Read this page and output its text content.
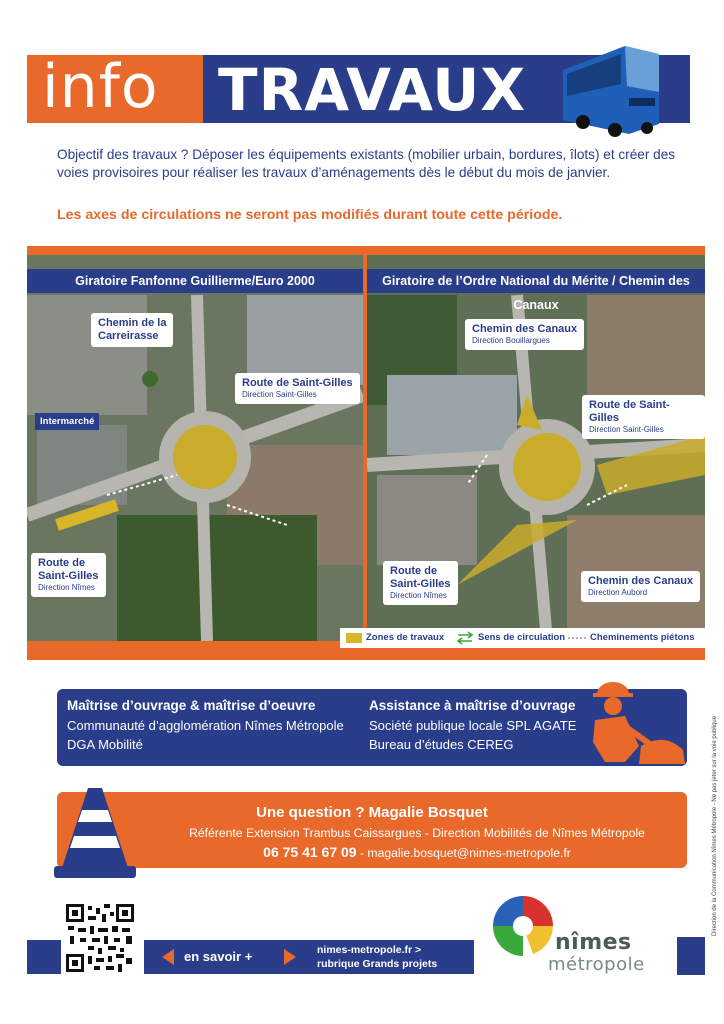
info TRAVAUX
Objectif des travaux ? Déposer les équipements existants (mobilier urbain, bordures, îlots) et créer des voies provisoires pour réaliser les travaux d’aménagements dès le début du mois de janvier.
Les axes de circulations ne seront pas modifiés durant toute cette période.
Giratoire Fanfonne Guillierme/Euro 2000
Chemin de la
Carreirasse
Route de Saint-Gilles
Direction Saint-Gilles
Intermarché
Route de
Saint-Gilles
Direction Nîmes
Giratoire de l’Ordre National du Mérite / Chemin des Canaux
Chemin des Canaux
Direction Bouillargues
Route de Saint-Gilles
Direction Saint-Gilles
Route de
Saint-Gilles
Direction Nîmes
Chemin des Canaux
Direction Aubord
Zones de travaux	Sens de circulation	Cheminements piétons
Maîtrise d’ouvrage & maîtrise d’oeuvre
Communauté d’agglomération Nîmes Métropole
DGA Mobilité
Assistance à maîtrise d’ouvrage
Société publique locale SPL AGATE
Bureau d’études CEREG
Une question ? Magalie Bosquet
Référente Extension Trambus Caissargues - Direction Mobilités de Nîmes Métropole
06 75 41 67 09 - magalie.bosquet@nimes-metropole.fr
en savoir +	nimes-metropole.fr >
rubrique Grands projets
nîmes
métropole
Direction de la Communication Nîmes Métropole - Ne pas jeter sur la voie publique
